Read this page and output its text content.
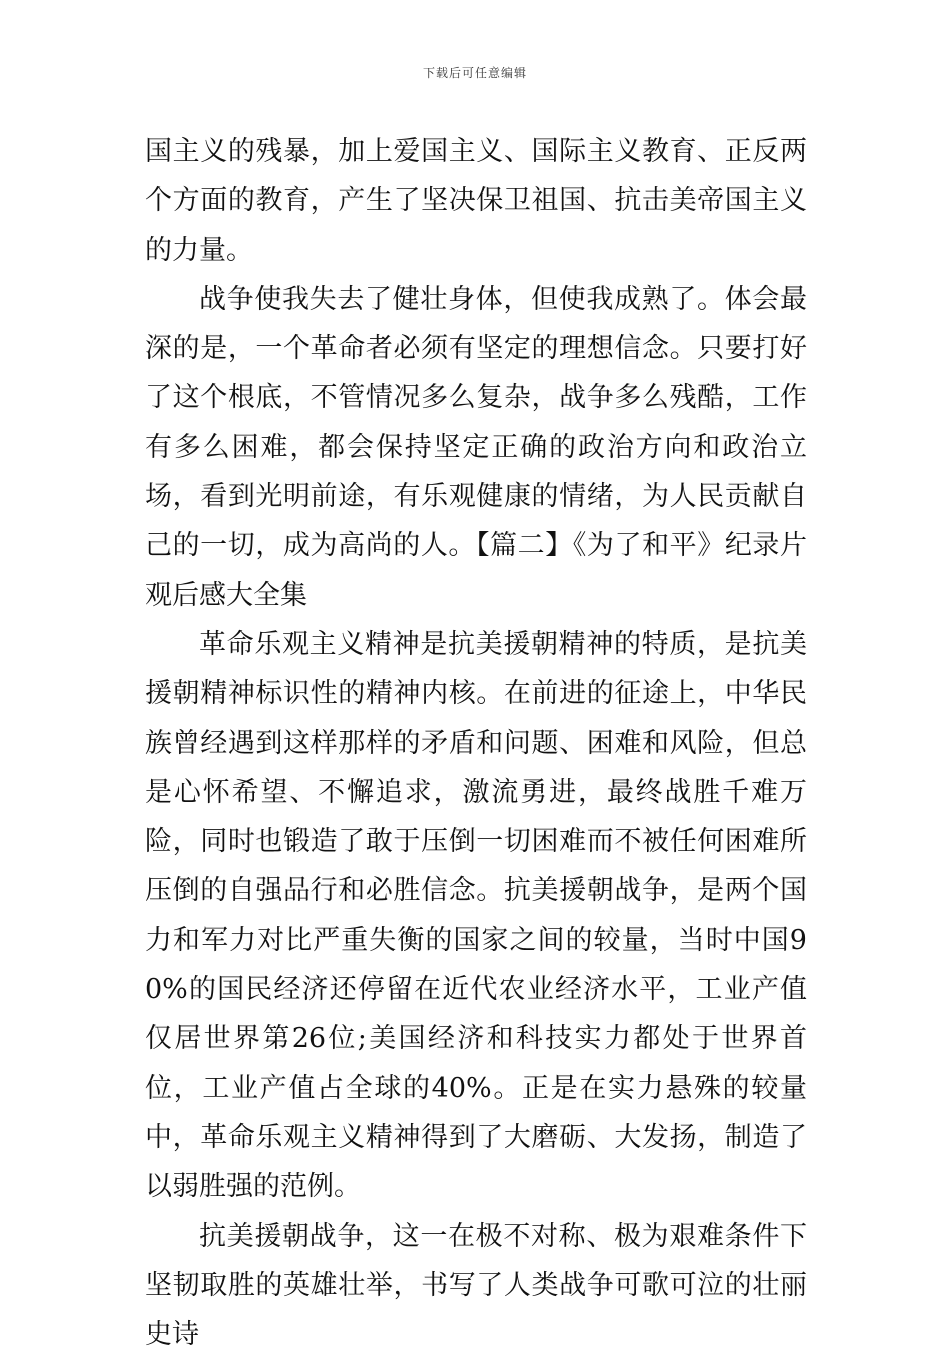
下载后可任意编辑

国主义的残暴，加上爱国主义、国际主义教育、正反两个方面的教育，产生了坚决保卫祖国、抗击美帝国主义的力量。

战争使我失去了健壮身体，但使我成熟了。体会最深的是，一个革命者必须有坚定的理想信念。只要打好了这个根底，不管情况多么复杂，战争多么残酷，工作有多么困难，都会保持坚定正确的政治方向和政治立场，看到光明前途，有乐观健康的情绪，为人民贡献自己的一切，成为高尚的人。【篇二】《为了和平》纪录片观后感大全集

革命乐观主义精神是抗美援朝精神的特质，是抗美援朝精神标识性的精神内核。在前进的征途上，中华民族曾经遇到这样那样的矛盾和问题、困难和风险，但总是心怀希望、不懈追求，激流勇进，最终战胜千难万险，同时也锻造了敢于压倒一切困难而不被任何困难所压倒的自强品行和必胜信念。抗美援朝战争，是两个国力和军力对比严重失衡的国家之间的较量，当时中国90%的国民经济还停留在近代农业经济水平，工业产值仅居世界第26位;美国经济和科技实力都处于世界首位，工业产值占全球的40%。正是在实力悬殊的较量中，革命乐观主义精神得到了大磨砺、大发扬，制造了以弱胜强的范例。

抗美援朝战争，这一在极不对称、极为艰难条件下坚韧取胜的英雄壮举，书写了人类战争可歌可泣的壮丽史诗
